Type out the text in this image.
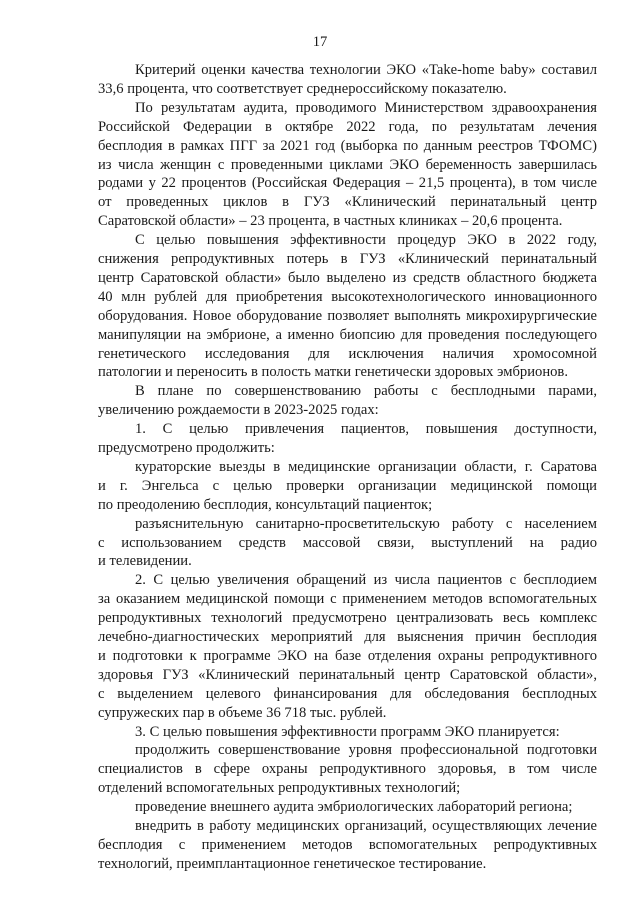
17
Критерий оценки качества технологии ЭКО «Take-home baby» составил
33,6 процента, что соответствует среднероссийскому показателю.
По результатам аудита, проводимого Министерством здравоохранения
Российской Федерации в октябре 2022 года, по результатам лечения
бесплодия в рамках ПГГ за 2021 год (выборка по данным реестров ТФОМС)
из числа женщин с проведенными циклами ЭКО беременность завершилась
родами у 22 процентов (Российская Федерация – 21,5 процента), в том числе
от проведенных циклов в ГУЗ «Клинический перинатальный центр
Саратовской области» – 23 процента, в частных клиниках – 20,6 процента.
С целью повышения эффективности процедур ЭКО в 2022 году,
снижения репродуктивных потерь в ГУЗ «Клинический перинатальный
центр Саратовской области» было выделено из средств областного бюджета
40 млн рублей для приобретения высокотехнологического инновационного
оборудования. Новое оборудование позволяет выполнять микрохирургические
манипуляции на эмбрионе, а именно биопсию для проведения последующего
генетического исследования для исключения наличия хромосомной
патологии и переносить в полость матки генетически здоровых эмбрионов.
В плане по совершенствованию работы с бесплодными парами,
увеличению рождаемости в 2023-2025 годах:
1. С целью привлечения пациентов, повышения доступности,
предусмотрено продолжить:
кураторские выезды в медицинские организации области, г. Саратова
и г. Энгельса с целью проверки организации медицинской помощи
по преодолению бесплодия, консультаций пациенток;
разъяснительную санитарно-просветительскую работу с населением
с использованием средств массовой связи, выступлений на радио
и телевидении.
2. С целью увеличения обращений из числа пациентов с бесплодием
за оказанием медицинской помощи с применением методов вспомогательных
репродуктивных технологий предусмотрено централизовать весь комплекс
лечебно-диагностических мероприятий для выяснения причин бесплодия
и подготовки к программе ЭКО на базе отделения охраны репродуктивного
здоровья ГУЗ «Клинический перинатальный центр Саратовской области»,
с выделением целевого финансирования для обследования бесплодных
супружеских пар в объеме 36 718 тыс. рублей.
3. С целью повышения эффективности программ ЭКО планируется:
продолжить совершенствование уровня профессиональной подготовки
специалистов в сфере охраны репродуктивного здоровья, в том числе
отделений вспомогательных репродуктивных технологий;
проведение внешнего аудита эмбриологических лабораторий региона;
внедрить в работу медицинских организаций, осуществляющих лечение
бесплодия с применением методов вспомогательных репродуктивных
технологий, преимплантационное генетическое тестирование.
